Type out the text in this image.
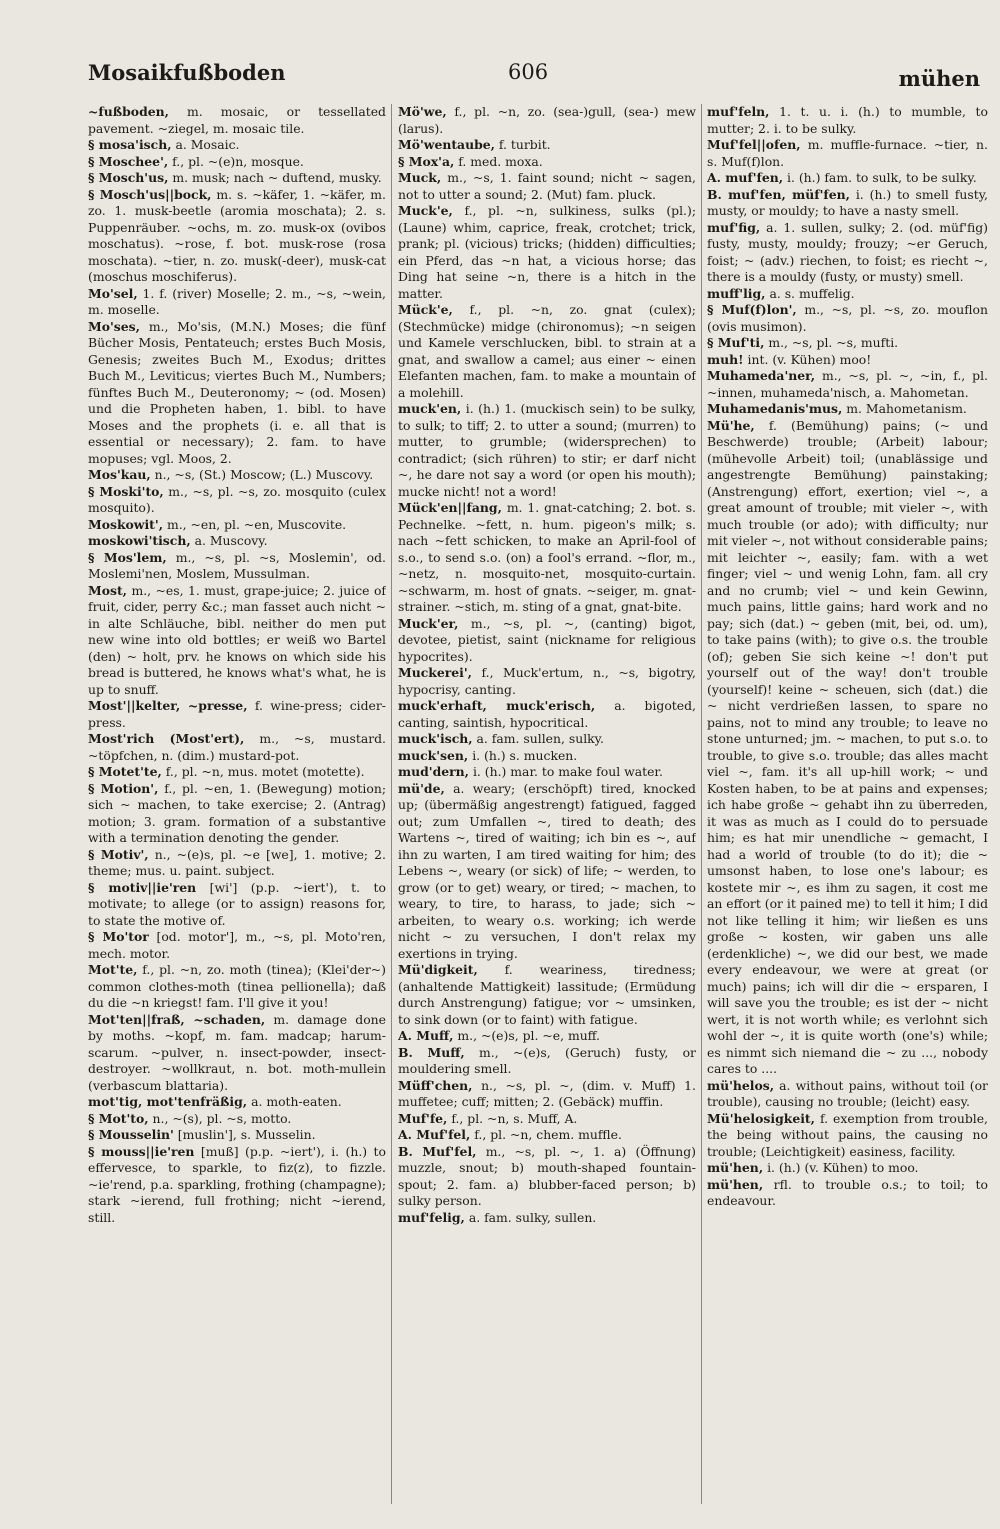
Mosaikfußboden	606	mühen

~fußboden, m. mosaic, or tessellated pavement. ~ziegel, m. mosaic tile.

§ mosa'isch, a. Mosaic.

§ Moschee', f., pl. ~(e)n, mosque.

§ Mosch'us, m. musk; nach ~ duftend, musky.

§ Mosch'us||bock, m. s. ~käfer, 1. ~käfer, m. zo. 1. musk-beetle (aromia moschata); 2. s. Puppenräuber. ~ochs, m. zo. musk-ox (ovibos moschatus). ~rose, f. bot. musk-rose (rosa moschata). ~tier, n. zo. musk(-deer), musk-cat (moschus moschiferus).

Mo'sel, 1. f. (river) Moselle; 2. m., ~s, ~wein, m. moselle.

Mo'ses, m., Mo'sis, (M.N.) Moses; die fünf Bücher Mosis, Pentateuch; erstes Buch Mosis, Genesis; zweites Buch M., Exodus; drittes Buch M., Leviticus; viertes Buch M., Numbers; fünftes Buch M., Deuteronomy; ~ (od. Mosen) und die Propheten haben, 1. bibl. to have Moses and the prophets (i. e. all that is essential or necessary); 2. fam. to have mopuses; vgl. Moos, 2.

Mos'kau, n., ~s, (St.) Moscow; (L.) Muscovy.

§ Moski'to, m., ~s, pl. ~s, zo. mosquito (culex mosquito).

Moskowit', m., ~en, pl. ~en, Muscovite.

moskowi'tisch, a. Muscovy.

§ Mos'lem, m., ~s, pl. ~s, Moslemin', od. Moslemi'nen, Moslem, Mussulman.

Most, m., ~es, 1. must, grape-juice; 2. juice of fruit, cider, perry &c.; man fasset auch nicht ~ in alte Schläuche, bibl. neither do men put new wine into old bottles; er weiß wo Bartel (den) ~ holt, prv. he knows on which side his bread is buttered, he knows what's what, he is up to snuff.

Most'||kelter, ~presse, f. wine-press; cider-press.

Most'rich (Most'ert), m., ~s, mustard. ~töpfchen, n. (dim.) mustard-pot.

§ Motet'te, f., pl. ~n, mus. motet (motette).

§ Motion', f., pl. ~en, 1. (Bewegung) motion; sich ~ machen, to take exercise; 2. (Antrag) motion; 3. gram. formation of a substantive with a termination denoting the gender.

§ Motiv', n., ~(e)s, pl. ~e [we], 1. motive; 2. theme; mus. u. paint. subject.

§ motiv||ie'ren [wi'] (p.p. ~iert'), t. to motivate; to allege (or to assign) reasons for, to state the motive of.

§ Mo'tor [od. motor'], m., ~s, pl. Moto'ren, mech. motor.

Mot'te, f., pl. ~n, zo. moth (tinea); (Klei'der~) common clothes-moth (tinea pellionella); daß du die ~n kriegst! fam. I'll give it you!

Mot'ten||fraß, ~schaden, m. damage done by moths. ~kopf, m. fam. madcap; harum-scarum. ~pulver, n. insect-powder, insect-destroyer. ~wollkraut, n. bot. moth-mullein (verbascum blattaria).

mot'tig, mot'tenfräßig, a. moth-eaten.

§ Mot'to, n., ~(s), pl. ~s, motto.

§ Mousselin' [muslin'], s. Musselin.

§ mouss||ie'ren [muß] (p.p. ~iert'), i. (h.) to effervesce, to sparkle, to fiz(z), to fizzle. ~ie'rend, p.a. sparkling, frothing (champagne); stark ~ierend, full frothing; nicht ~ierend, still.

Mö'we, f., pl. ~n, zo. (sea-)gull, (sea-) mew (larus).

Mö'wentaube, f. turbit.

§ Mox'a, f. med. moxa.

Muck, m., ~s, 1. faint sound; nicht ~ sagen, not to utter a sound; 2. (Mut) fam. pluck.

Muck'e, f., pl. ~n, sulkiness, sulks (pl.); (Laune) whim, caprice, freak, crotchet; trick, prank; pl. (vicious) tricks; (hidden) difficulties; ein Pferd, das ~n hat, a vicious horse; das Ding hat seine ~n, there is a hitch in the matter.

Mück'e, f., pl. ~n, zo. gnat (culex); (Stechmücke) midge (chironomus); ~n seigen und Kamele verschlucken, bibl. to strain at a gnat, and swallow a camel; aus einer ~ einen Elefanten machen, fam. to make a mountain of a molehill.

muck'en, i. (h.) 1. (muckisch sein) to be sulky, to sulk; to tiff; 2. to utter a sound; (murren) to mutter, to grumble; (widersprechen) to contradict; (sich rühren) to stir; er darf nicht ~, he dare not say a word (or open his mouth); mucke nicht! not a word!

Mück'en||fang, m. 1. gnat-catching; 2. bot. s. Pechnelke. ~fett, n. hum. pigeon's milk; s. nach ~fett schicken, to make an April-fool of s.o., to send s.o. (on) a fool's errand. ~flor, m., ~netz, n. mosquito-net, mosquito-curtain. ~schwarm, m. host of gnats. ~seiger, m. gnat-strainer. ~stich, m. sting of a gnat, gnat-bite.

Muck'er, m., ~s, pl. ~, (canting) bigot, devotee, pietist, saint (nickname for religious hypocrites).

Muckerei', f., Muck'ertum, n., ~s, bigotry, hypocrisy, canting.

muck'erhaft, muck'erisch, a. bigoted, canting, saintish, hypocritical.

muck'isch, a. fam. sullen, sulky.

muck'sen, i. (h.) s. mucken.

mud'dern, i. (h.) mar. to make foul water.

mü'de, a. weary; (erschöpft) tired, knocked up; (übermäßig angestrengt) fatigued, fagged out; zum Umfallen ~, tired to death; des Wartens ~, tired of waiting; ich bin es ~, auf ihn zu warten, I am tired waiting for him; des Lebens ~, weary (or sick) of life; ~ werden, to grow (or to get) weary, or tired; ~ machen, to weary, to tire, to harass, to jade; sich ~ arbeiten, to weary o.s. working; ich werde nicht ~ zu versuchen, I don't relax my exertions in trying.

Mü'digkeit, f. weariness, tiredness; (anhaltende Mattigkeit) lassitude; (Ermüdung durch Anstrengung) fatigue; vor ~ umsinken, to sink down (or to faint) with fatigue.

A. Muff, m., ~(e)s, pl. ~e, muff.

B. Muff, m., ~(e)s, (Geruch) fusty, or mouldering smell.

Müff'chen, n., ~s, pl. ~, (dim. v. Muff) 1. muffetee; cuff; mitten; 2. (Gebäck) muffin.

Muf'fe, f., pl. ~n, s. Muff, A.

A. Muf'fel, f., pl. ~n, chem. muffle.

B. Muf'fel, m., ~s, pl. ~, 1. a) (Öffnung) muzzle, snout; b) mouth-shaped fountain-spout; 2. fam. a) blubber-faced person; b) sulky person.

muf'felig, a. fam. sulky, sullen.

muf'feln, 1. t. u. i. (h.) to mumble, to mutter; 2. i. to be sulky.

Muf'fel||ofen, m. muffle-furnace. ~tier, n. s. Muf(f)lon.

A. muf'fen, i. (h.) fam. to sulk, to be sulky.

B. muf'fen, müf'fen, i. (h.) to smell fusty, musty, or mouldy; to have a nasty smell.

muf'fig, a. 1. sullen, sulky; 2. (od. müf'fig) fusty, musty, mouldy; frouzy; ~er Geruch, foist; ~ (adv.) riechen, to foist; es riecht ~, there is a mouldy (fusty, or musty) smell.

muff'lig, a. s. muffelig.

§ Muf(f)lon', m., ~s, pl. ~s, zo. mouflon (ovis musimon).

§ Muf'ti, m., ~s, pl. ~s, mufti.

muh! int. (v. Kühen) moo!

Muhameda'ner, m., ~s, pl. ~, ~in, f., pl. ~innen, muhameda'nisch, a. Mahometan.

Muhamedanis'mus, m. Mahometanism.

Mü'he, f. (Bemühung) pains; (~ und Beschwerde) trouble; (Arbeit) labour; (mühevolle Arbeit) toil; (unablässige und angestrengte Bemühung) painstaking; (Anstrengung) effort, exertion; viel ~, a great amount of trouble; mit vieler ~, with much trouble (or ado); with difficulty; nur mit vieler ~, not without considerable pains; mit leichter ~, easily; fam. with a wet finger; viel ~ und wenig Lohn, fam. all cry and no crumb; viel ~ und kein Gewinn, much pains, little gains; hard work and no pay; sich (dat.) ~ geben (mit, bei, od. um), to take pains (with); to give o.s. the trouble (of); geben Sie sich keine ~! don't put yourself out of the way! don't trouble (yourself)! keine ~ scheuen, sich (dat.) die ~ nicht verdrießen lassen, to spare no pains, not to mind any trouble; to leave no stone unturned; jm. ~ machen, to put s.o. to trouble, to give s.o. trouble; das alles macht viel ~, fam. it's all up-hill work; ~ und Kosten haben, to be at pains and expenses; ich habe große ~ gehabt ihn zu überreden, it was as much as I could do to persuade him; es hat mir unendliche ~ gemacht, I had a world of trouble (to do it); die ~ umsonst haben, to lose one's labour; es kostete mir ~, es ihm zu sagen, it cost me an effort (or it pained me) to tell it him; I did not like telling it him; wir ließen es uns große ~ kosten, wir gaben uns alle (erdenkliche) ~, we did our best, we made every endeavour, we were at great (or much) pains; ich will dir die ~ ersparen, I will save you the trouble; es ist der ~ nicht wert, it is not worth while; es verlohnt sich wohl der ~, it is quite worth (one's) while; es nimmt sich niemand die ~ zu ..., nobody cares to ....

mü'helos, a. without pains, without toil (or trouble), causing no trouble; (leicht) easy.

Mü'helosigkeit, f. exemption from trouble, the being without pains, the causing no trouble; (Leichtigkeit) easiness, facility.

mü'hen, i. (h.) (v. Kühen) to moo.

mü'hen, rfl. to trouble o.s.; to toil; to endeavour.
